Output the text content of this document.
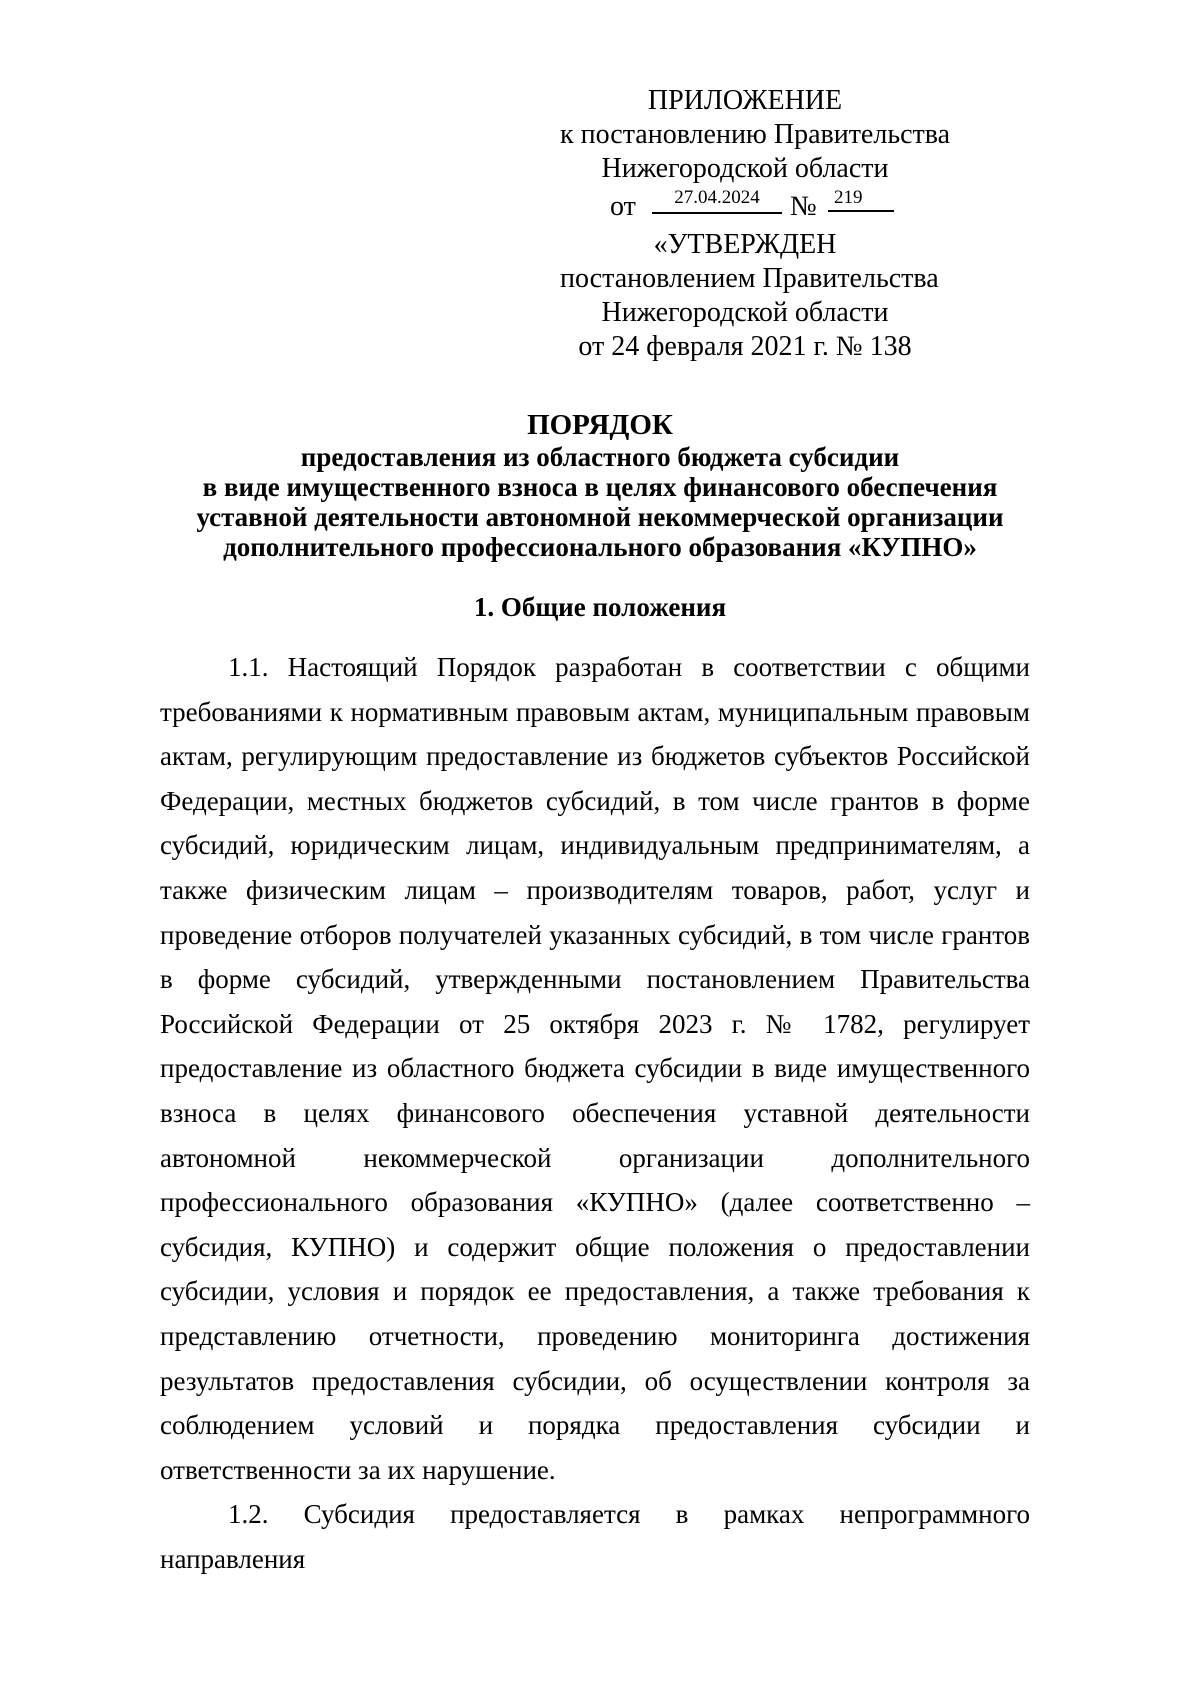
ПРИЛОЖЕНИЕ
к постановлению Правительства
Нижегородской области
от	27.04.2024	№ 219
«УТВЕРЖДЕН
постановлением Правительства
Нижегородской области
от 24 февраля 2021 г. № 138
ПОРЯДОК
предоставления из областного бюджета субсидии
в виде имущественного взноса в целях финансового обеспечения
уставной деятельности автономной некоммерческой организации
дополнительного профессионального образования «КУПНО»
1. Общие положения

1.1. Настоящий Порядок разработан в соответствии с общими требованиями к нормативным правовым актам, муниципальным правовым актам, регулирующим предоставление из бюджетов субъектов Российской Федерации, местных бюджетов субсидий, в том числе грантов в форме субсидий, юридическим лицам, индивидуальным предпринимателям, а также физическим лицам – производителям товаров, работ, услуг и проведение отборов получателей указанных субсидий, в том числе грантов в форме субсидий, утвержденными постановлением Правительства Российской Федерации от 25 октября 2023 г. № 1782, регулирует предоставление из областного бюджета субсидии в виде имущественного взноса в целях финансового обеспечения уставной деятельности автономной некоммерческой организации дополнительного профессионального образования «КУПНО» (далее соответственно – субсидия, КУПНО) и содержит общие положения о предоставлении субсидии, условия и порядок ее предоставления, а также требования к представлению отчетности, проведению мониторинга достижения результатов предоставления субсидии, об осуществлении контроля за соблюдением условий и порядка предоставления субсидии и ответственности за их нарушение.

1.2. Субсидия предоставляется в рамках непрограммного направления
